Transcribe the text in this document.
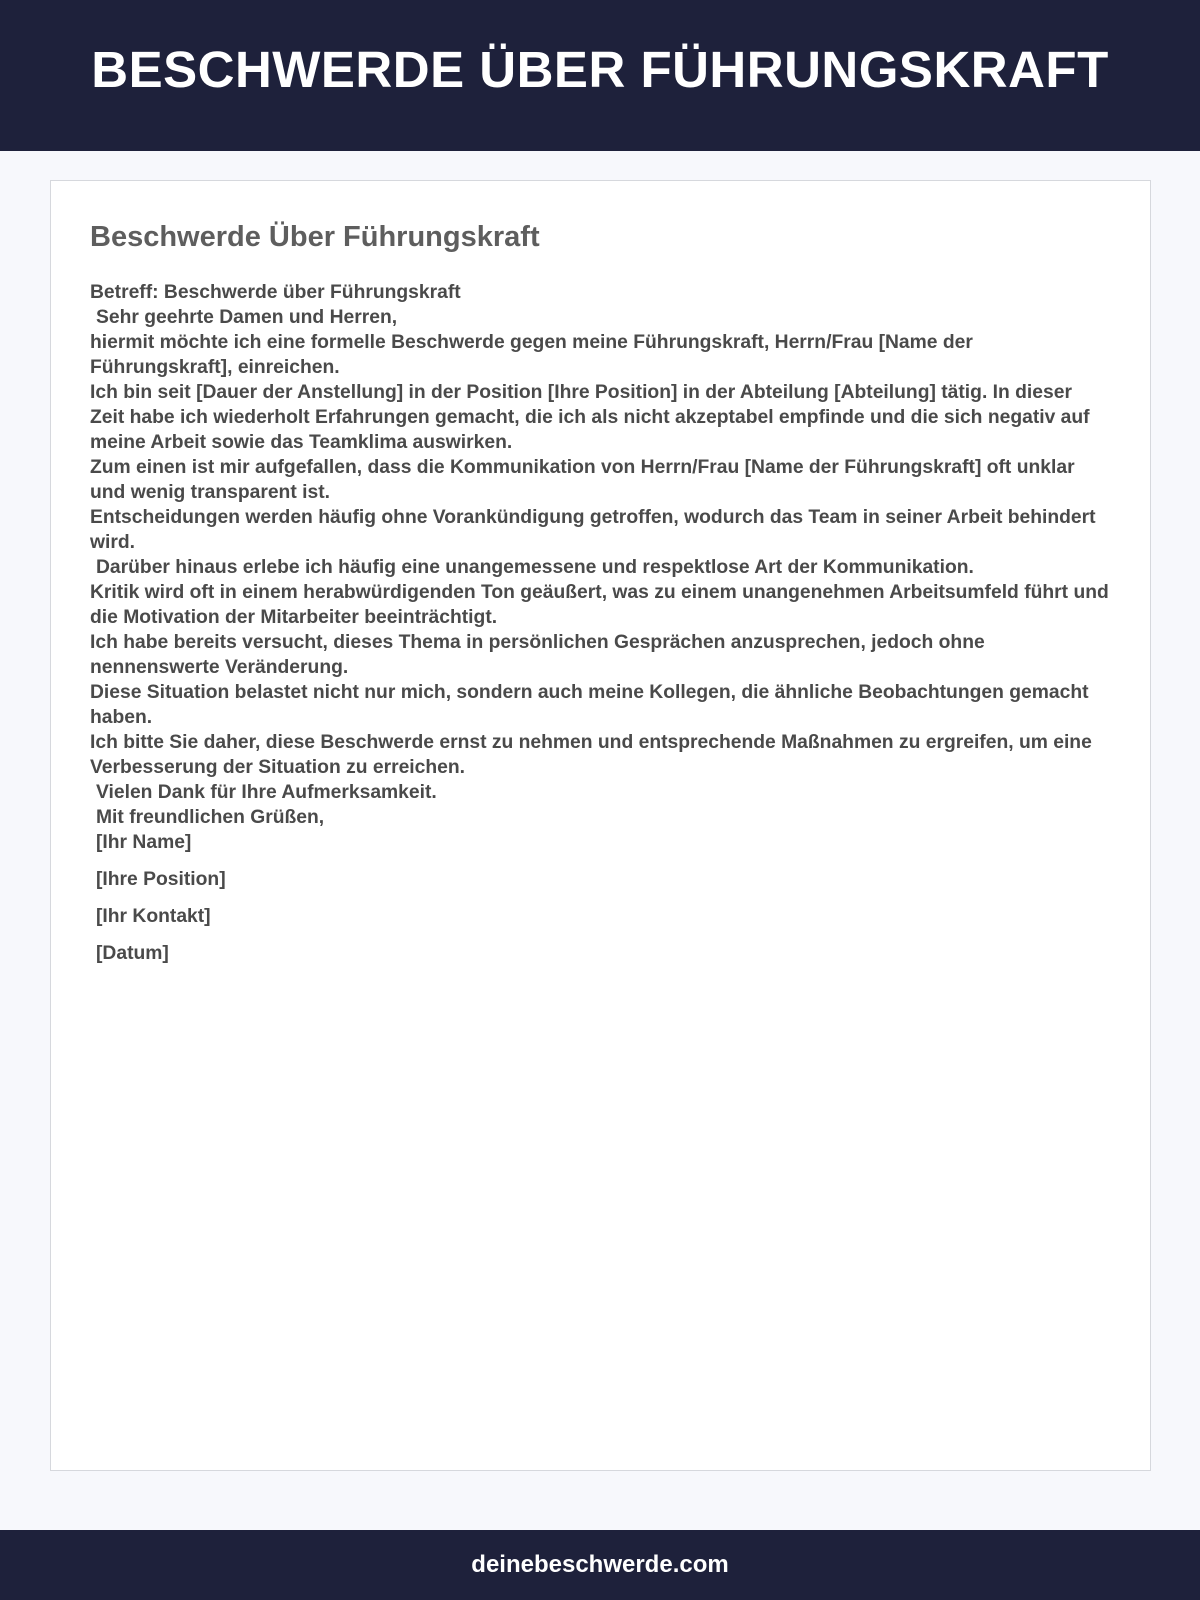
BESCHWERDE ÜBER FÜHRUNGSKRAFT
Beschwerde Über Führungskraft
Betreff: Beschwerde über Führungskraft
Sehr geehrte Damen und Herren,
hiermit möchte ich eine formelle Beschwerde gegen meine Führungskraft, Herrn/Frau [Name der Führungskraft], einreichen.
Ich bin seit [Dauer der Anstellung] in der Position [Ihre Position] in der Abteilung [Abteilung] tätig. In dieser Zeit habe ich wiederholt Erfahrungen gemacht, die ich als nicht akzeptabel empfinde und die sich negativ auf meine Arbeit sowie das Teamklima auswirken.
Zum einen ist mir aufgefallen, dass die Kommunikation von Herrn/Frau [Name der Führungskraft] oft unklar und wenig transparent ist.
Entscheidungen werden häufig ohne Vorankündigung getroffen, wodurch das Team in seiner Arbeit behindert wird.
Darüber hinaus erlebe ich häufig eine unangemessene und respektlose Art der Kommunikation.
Kritik wird oft in einem herabwürdigenden Ton geäußert, was zu einem unangenehmen Arbeitsumfeld führt und die Motivation der Mitarbeiter beeinträchtigt.
Ich habe bereits versucht, dieses Thema in persönlichen Gesprächen anzusprechen, jedoch ohne nennenswerte Veränderung.
Diese Situation belastet nicht nur mich, sondern auch meine Kollegen, die ähnliche Beobachtungen gemacht haben.
Ich bitte Sie daher, diese Beschwerde ernst zu nehmen und entsprechende Maßnahmen zu ergreifen, um eine Verbesserung der Situation zu erreichen.
Vielen Dank für Ihre Aufmerksamkeit.
Mit freundlichen Grüßen,
[Ihr Name]
[Ihre Position]
[Ihr Kontakt]
[Datum]
deinebeschwerde.com
